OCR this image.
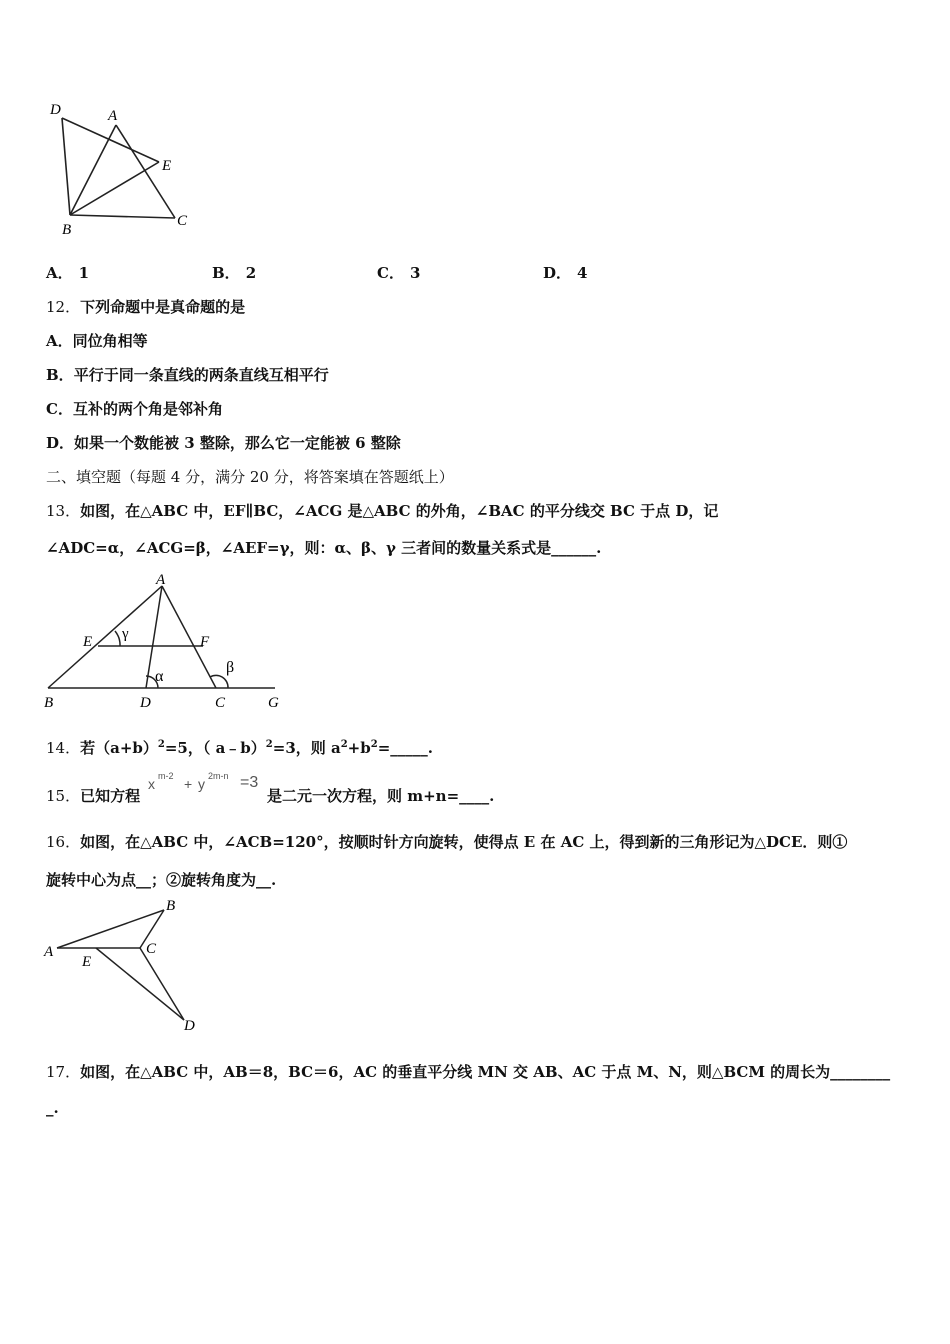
D	A
E
B
C
A． 1	B． 2	C． 3	D． 4
12．下列命题中是真命题的是
A．同位角相等
B．平行于同一条直线的两条直线互相平行
C．互补的两个角是邻补角
D．如果一个数能被 3 整除，那么它一定能被 6 整除
二、填空题（每题 4 分，满分 20 分，将答案填在答题纸上）
13．如图，在△ABC 中，EF∥BC，∠ACG 是△ABC 的外角，∠BAC 的平分线交 BC 于点 D，记
∠ADC=α，∠ACG=β，∠AEF=γ，则：α、β、γ 三者间的数量关系式是______.
A
E	F
γ
α
β
B	D	C	G
14．若$(a+b)^2=5$，（ a﹣b）$^2$=3，则 $a^2+b^2=\_\_\_\_\_$.
15．已知方程
x m-2 + y 2m-n =3
是二元一次方程，则 m+n=____.
16．如图，在△ABC 中，∠ACB=120°，按顺时针方向旋转，使得点 E 在 AC 上，得到新的三角形记为△DCE．则①
旋转中心为点__；②旋转角度为__.
A
B
C
E
D
17．如图，在△ABC 中，AB＝8，BC＝6，AC 的垂直平分线 MN 交 AB、AC 于点 M、N，则△BCM 的周长为________
_.
